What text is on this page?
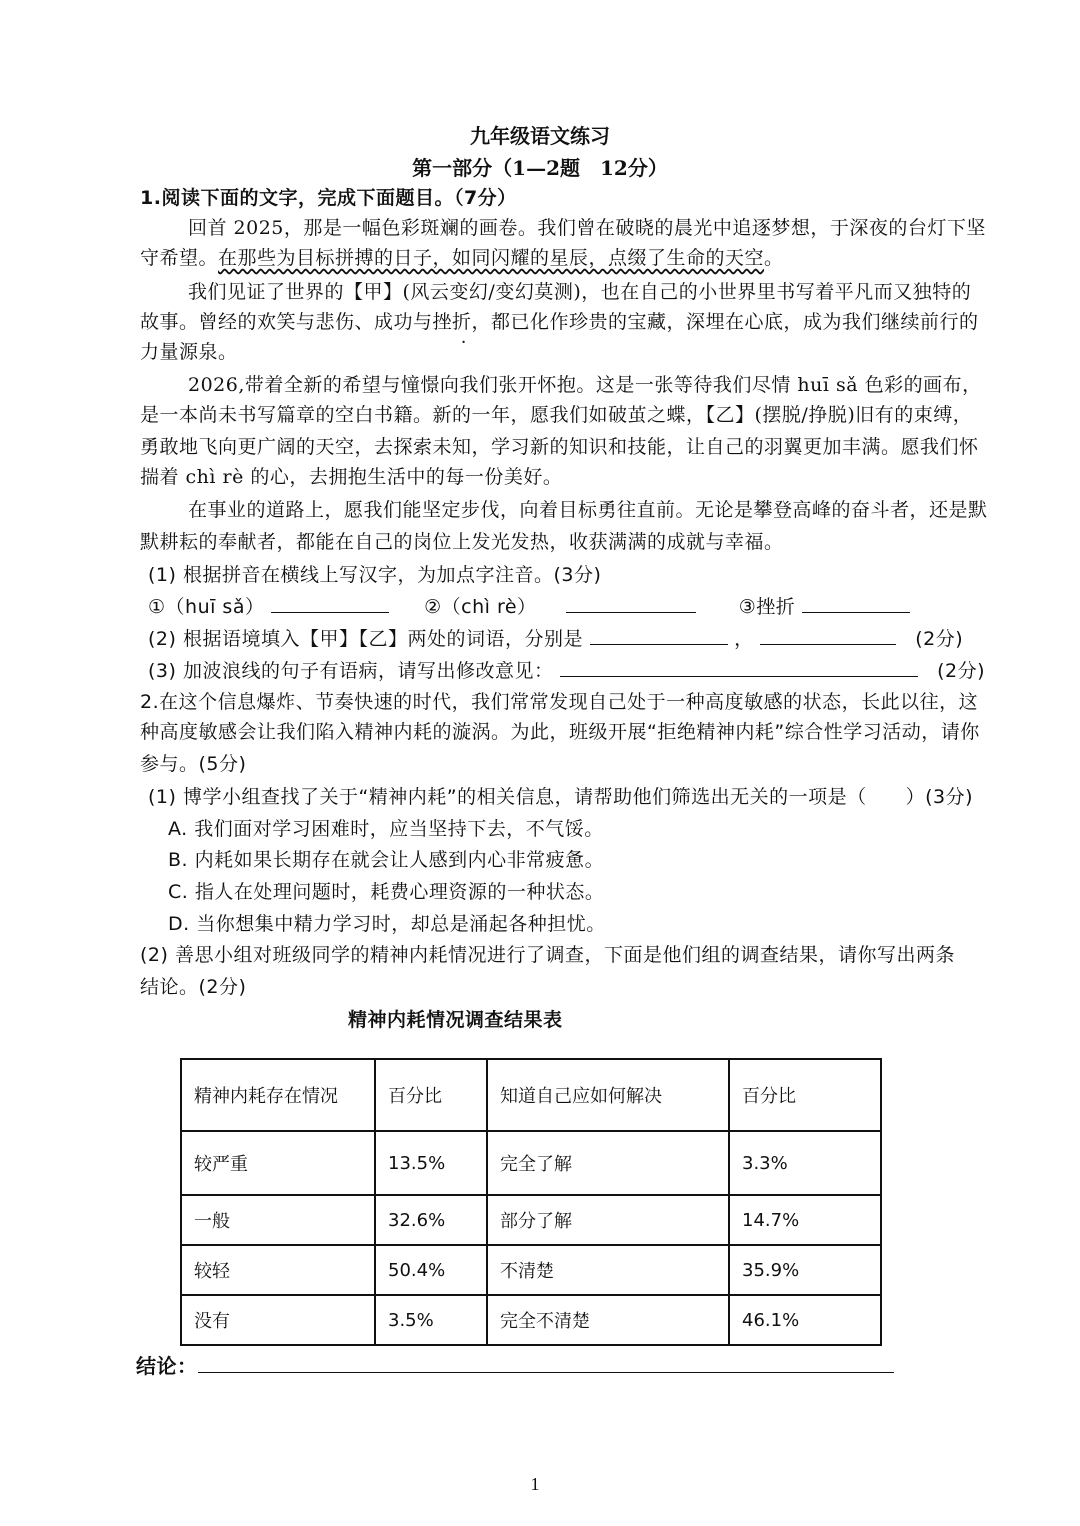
九年级语文练习
第一部分（1—2题　12分）
1.阅读下面的文字，完成下面题目。（7分）
回首 2025，那是一幅色彩斑斓的画卷。我们曾在破晓的晨光中追逐梦想，于深夜的台灯下坚
守希望。在那些为目标拼搏的日子，如同闪耀的星辰，点缀了生命的天空。
我们见证了世界的【甲】(风云变幻/变幻莫测)，也在自己的小世界里书写着平凡而又独特的
故事。曾经的欢笑与悲伤、成功与挫折，都已化作珍贵的宝藏，深埋在心底，成为我们继续前行的
力量源泉。
2026,带着全新的希望与憧憬向我们张开怀抱。这是一张等待我们尽情 huī sǎ 色彩的画布，
是一本尚未书写篇章的空白书籍。新的一年，愿我们如破茧之蝶，【乙】(摆脱/挣脱)旧有的束缚，
勇敢地飞向更广阔的天空，去探索未知，学习新的知识和技能，让自己的羽翼更加丰满。愿我们怀
揣着 chì rè 的心，去拥抱生活中的每一份美好。
在事业的道路上，愿我们能坚定步伐，向着目标勇往直前。无论是攀登高峰的奋斗者，还是默
默耕耘的奉献者，都能在自己的岗位上发光发热，收获满满的成就与幸福。
(1) 根据拼音在横线上写汉字，为加点字注音。(3分)
①（huī sǎ）	②（chì rè）	③挫折
(2) 根据语境填入【甲】【乙】两处的词语，分别是	，	(2分)
(3) 加波浪线的句子有语病，请写出修改意见：	(2分)
2.在这个信息爆炸、节奏快速的时代，我们常常发现自己处于一种高度敏感的状态，长此以往，这
种高度敏感会让我们陷入精神内耗的漩涡。为此，班级开展“拒绝精神内耗”综合性学习活动，请你
参与。(5分)
(1) 博学小组查找了关于“精神内耗”的相关信息，请帮助他们筛选出无关的一项是（　　）(3分)
A. 我们面对学习困难时，应当坚持下去，不气馁。
B. 内耗如果长期存在就会让人感到内心非常疲惫。
C. 指人在处理问题时，耗费心理资源的一种状态。
D. 当你想集中精力学习时，却总是涌起各种担忧。
(2) 善思小组对班级同学的精神内耗情况进行了调查，下面是他们组的调查结果，请你写出两条
结论。(2分)
精神内耗情况调查结果表
精神内耗存在情况	百分比	知道自己应如何解决	百分比
较严重	13.5%	完全了解	3.3%
一般	32.6%	部分了解	14.7%
较轻	50.4%	不清楚	35.9%
没有	3.5%	完全不清楚	46.1%
结论：
1
